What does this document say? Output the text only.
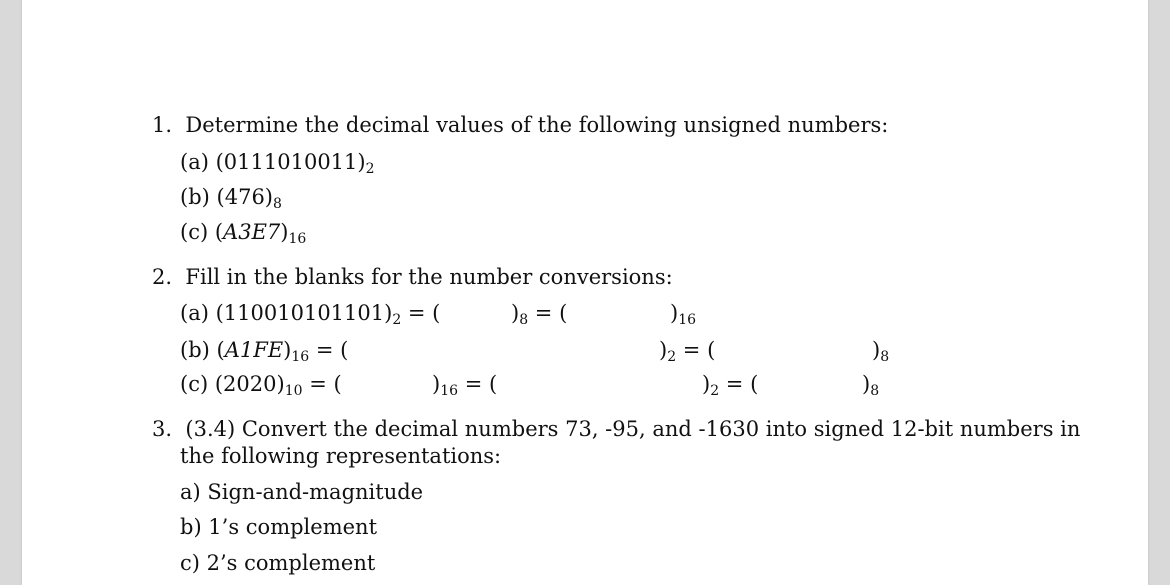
1. Determine the decimal values of the following unsigned numbers:
(a) $(0111010011)_2$
(b) $(476)_8$
(c) $(A3E7)_{16}$
2. Fill in the blanks for the number conversions:
(a) $(110010101101)_2$ = (	)$_8$ = (	)$_{16}$
(b) $(A1FE)_{16}$ = (	)$_2$ = (	)$_8$
(c) $(2020)_{10}$ = (	)$_{16}$ = (	)$_2$ = (	)$_8$
3. (3.4) Convert the decimal numbers 73, -95, and -1630 into signed 12-bit numbers in
the following representations:
a) Sign-and-magnitude
b) 1’s complement
c) 2’s complement
